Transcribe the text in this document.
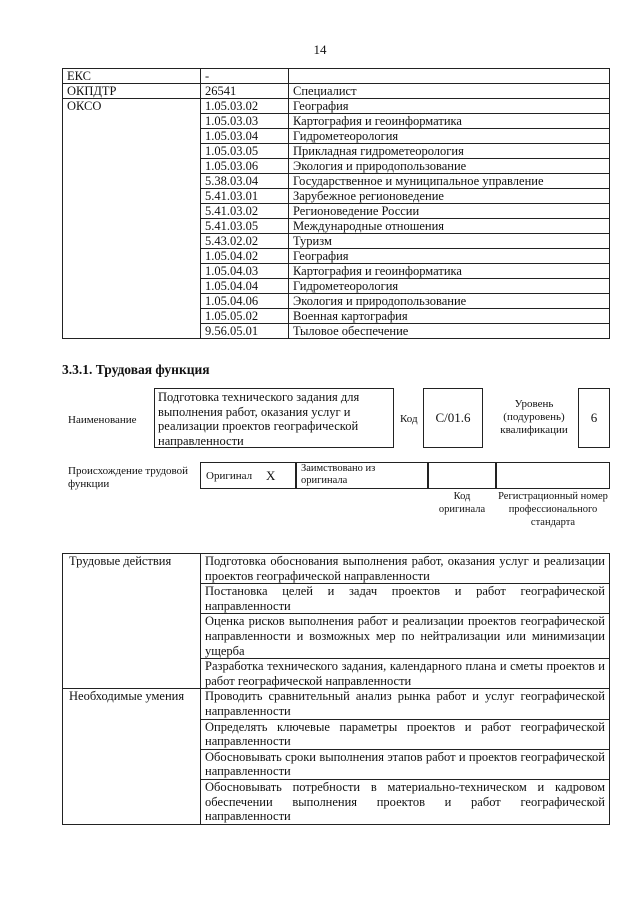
14
ЕКС	-	
ОКПДТР	26541	Специалист
ОКСО	1.05.03.02	География
	1.05.03.03	Картография и геоинформатика
	1.05.03.04	Гидрометеорология
	1.05.03.05	Прикладная гидрометеорология
	1.05.03.06	Экология и природопользование
	5.38.03.04	Государственное и муниципальное управление
	5.41.03.01	Зарубежное регионоведение
	5.41.03.02	Регионоведение России
	5.41.03.05	Международные отношения
	5.43.02.02	Туризм
	1.05.04.02	География
	1.05.04.03	Картография и геоинформатика
	1.05.04.04	Гидрометеорология
	1.05.04.06	Экология и природопользование
	1.05.05.02	Военная картография
	9.56.05.01	Тыловое обеспечение
3.3.1. Трудовая функция
Наименование
Подготовка технического задания для выполнения работ, оказания услуг и реализации проектов географической направленности
Код	C/01.6
Уровень (подуровень) квалификации
6
Происхождение трудовой функции
Оригинал X Заимствовано из оригинала
Код оригинала
Регистрационный номер профессионального стандарта
Трудовые действия	Подготовка обоснования выполнения работ, оказания услуг и реализации проектов географической направленности
	Постановка целей и задач проектов и работ географической направленности
	Оценка рисков выполнения работ и реализации проектов географической направленности и возможных мер по нейтрализации или минимизации ущерба
	Разработка технического задания, календарного плана и сметы проектов и работ географической направленности
Необходимые умения	Проводить сравнительный анализ рынка работ и услуг географической направленности
	Определять ключевые параметры проектов и работ географической направленности
	Обосновывать сроки выполнения этапов работ и проектов географической направленности
	Обосновывать потребности в материально-техническом и кадровом обеспечении выполнения проектов и работ географической направленности
